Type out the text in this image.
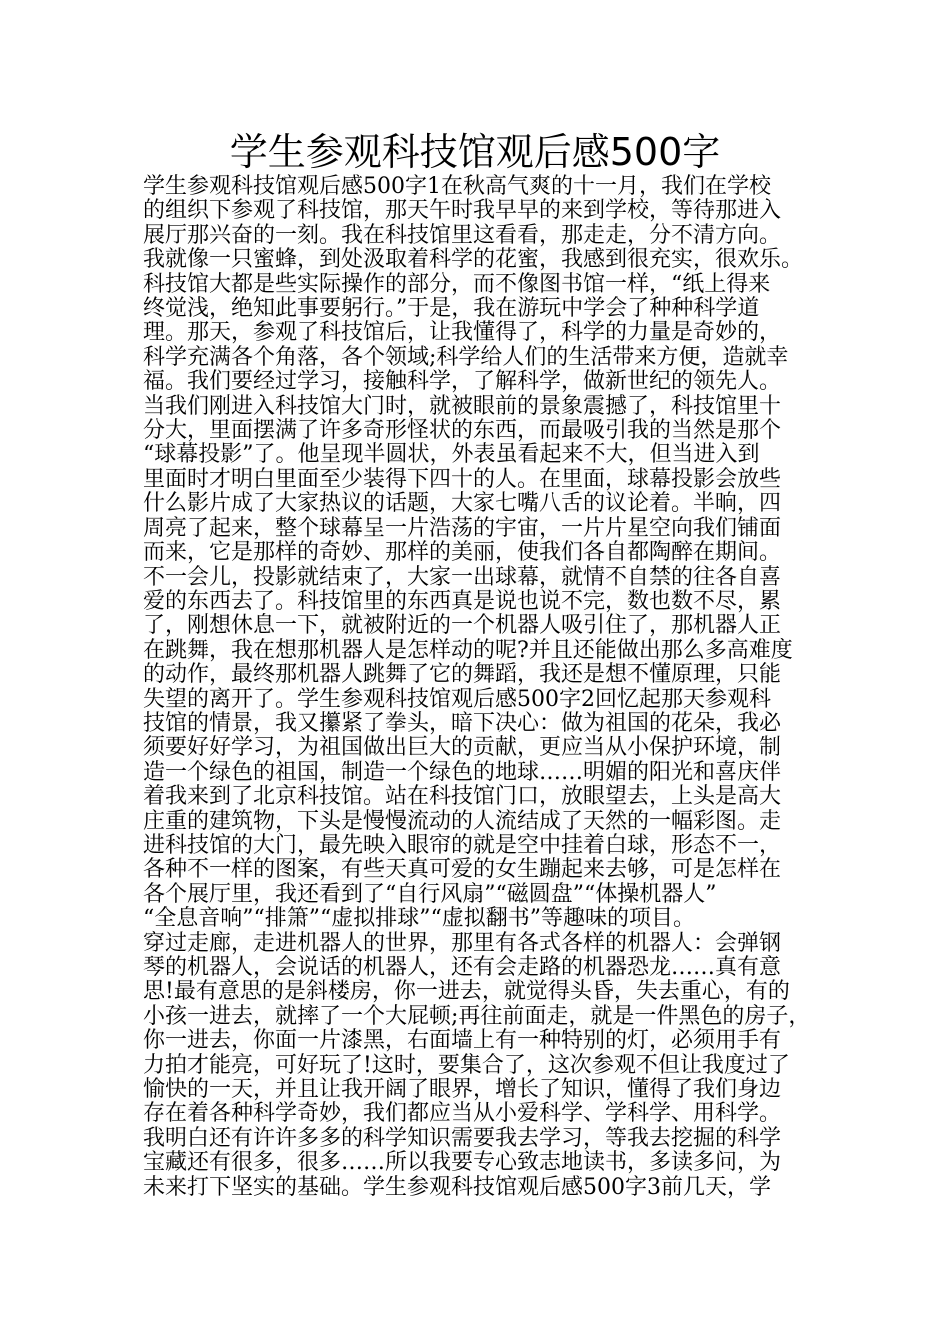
学生参观科技馆观后感500字
学生参观科技馆观后感500字1在秋高气爽的十一月，我们在学校
的组织下参观了科技馆，那天午时我早早的来到学校，等待那进入
展厅那兴奋的一刻。我在科技馆里这看看，那走走，分不清方向。
我就像一只蜜蜂，到处汲取着科学的花蜜，我感到很充实，很欢乐。
科技馆大都是些实际操作的部分，而不像图书馆一样，“纸上得来
终觉浅，绝知此事要躬行。”于是，我在游玩中学会了种种科学道
理。那天，参观了科技馆后，让我懂得了，科学的力量是奇妙的，
科学充满各个角落，各个领域;科学给人们的生活带来方便，造就幸
福。我们要经过学习，接触科学，了解科学，做新世纪的领先人。
当我们刚进入科技馆大门时，就被眼前的景象震撼了，科技馆里十
分大，里面摆满了许多奇形怪状的东西，而最吸引我的当然是那个
“球幕投影”了。他呈现半圆状，外表虽看起来不大，但当进入到
里面时才明白里面至少装得下四十的人。在里面，球幕投影会放些
什么影片成了大家热议的话题，大家七嘴八舌的议论着。半晌，四
周亮了起来，整个球幕呈一片浩荡的宇宙，一片片星空向我们铺面
而来，它是那样的奇妙、那样的美丽，使我们各自都陶醉在期间。
不一会儿，投影就结束了，大家一出球幕，就情不自禁的往各自喜
爱的东西去了。科技馆里的东西真是说也说不完，数也数不尽，累
了，刚想休息一下，就被附近的一个机器人吸引住了，那机器人正
在跳舞，我在想那机器人是怎样动的呢?并且还能做出那么多高难度
的动作，最终那机器人跳舞了它的舞蹈，我还是想不懂原理，只能
失望的离开了。学生参观科技馆观后感500字2回忆起那天参观科
技馆的情景，我又攥紧了拳头，暗下决心：做为祖国的花朵，我必
须要好好学习，为祖国做出巨大的贡献，更应当从小保护环境，制
造一个绿色的祖国，制造一个绿色的地球……明媚的阳光和喜庆伴
着我来到了北京科技馆。站在科技馆门口，放眼望去，上头是高大
庄重的建筑物，下头是慢慢流动的人流结成了天然的一幅彩图。走
进科技馆的大门，最先映入眼帘的就是空中挂着白球，形态不一，
各种不一样的图案，有些天真可爱的女生蹦起来去够，可是怎样在
各个展厅里，我还看到了“自行风扇”“磁圆盘”“体操机器人”
“全息音响”“排箫”“虚拟排球”“虚拟翻书”等趣味的项目。
穿过走廊，走进机器人的世界，那里有各式各样的机器人：会弹钢
琴的机器人，会说话的机器人，还有会走路的机器恐龙……真有意
思!最有意思的是斜楼房，你一进去，就觉得头昏，失去重心，有的
小孩一进去，就摔了一个大屁顿;再往前面走，就是一件黑色的房子，
你一进去，你面一片漆黑，右面墙上有一种特别的灯，必须用手有
力拍才能亮，可好玩了!这时，要集合了，这次参观不但让我度过了
愉快的一天，并且让我开阔了眼界，增长了知识，懂得了我们身边
存在着各种科学奇妙，我们都应当从小爱科学、学科学、用科学。
我明白还有许许多多的科学知识需要我去学习，等我去挖掘的科学
宝藏还有很多，很多……所以我要专心致志地读书，多读多问，为
未来打下坚实的基础。学生参观科技馆观后感500字3前几天，学
